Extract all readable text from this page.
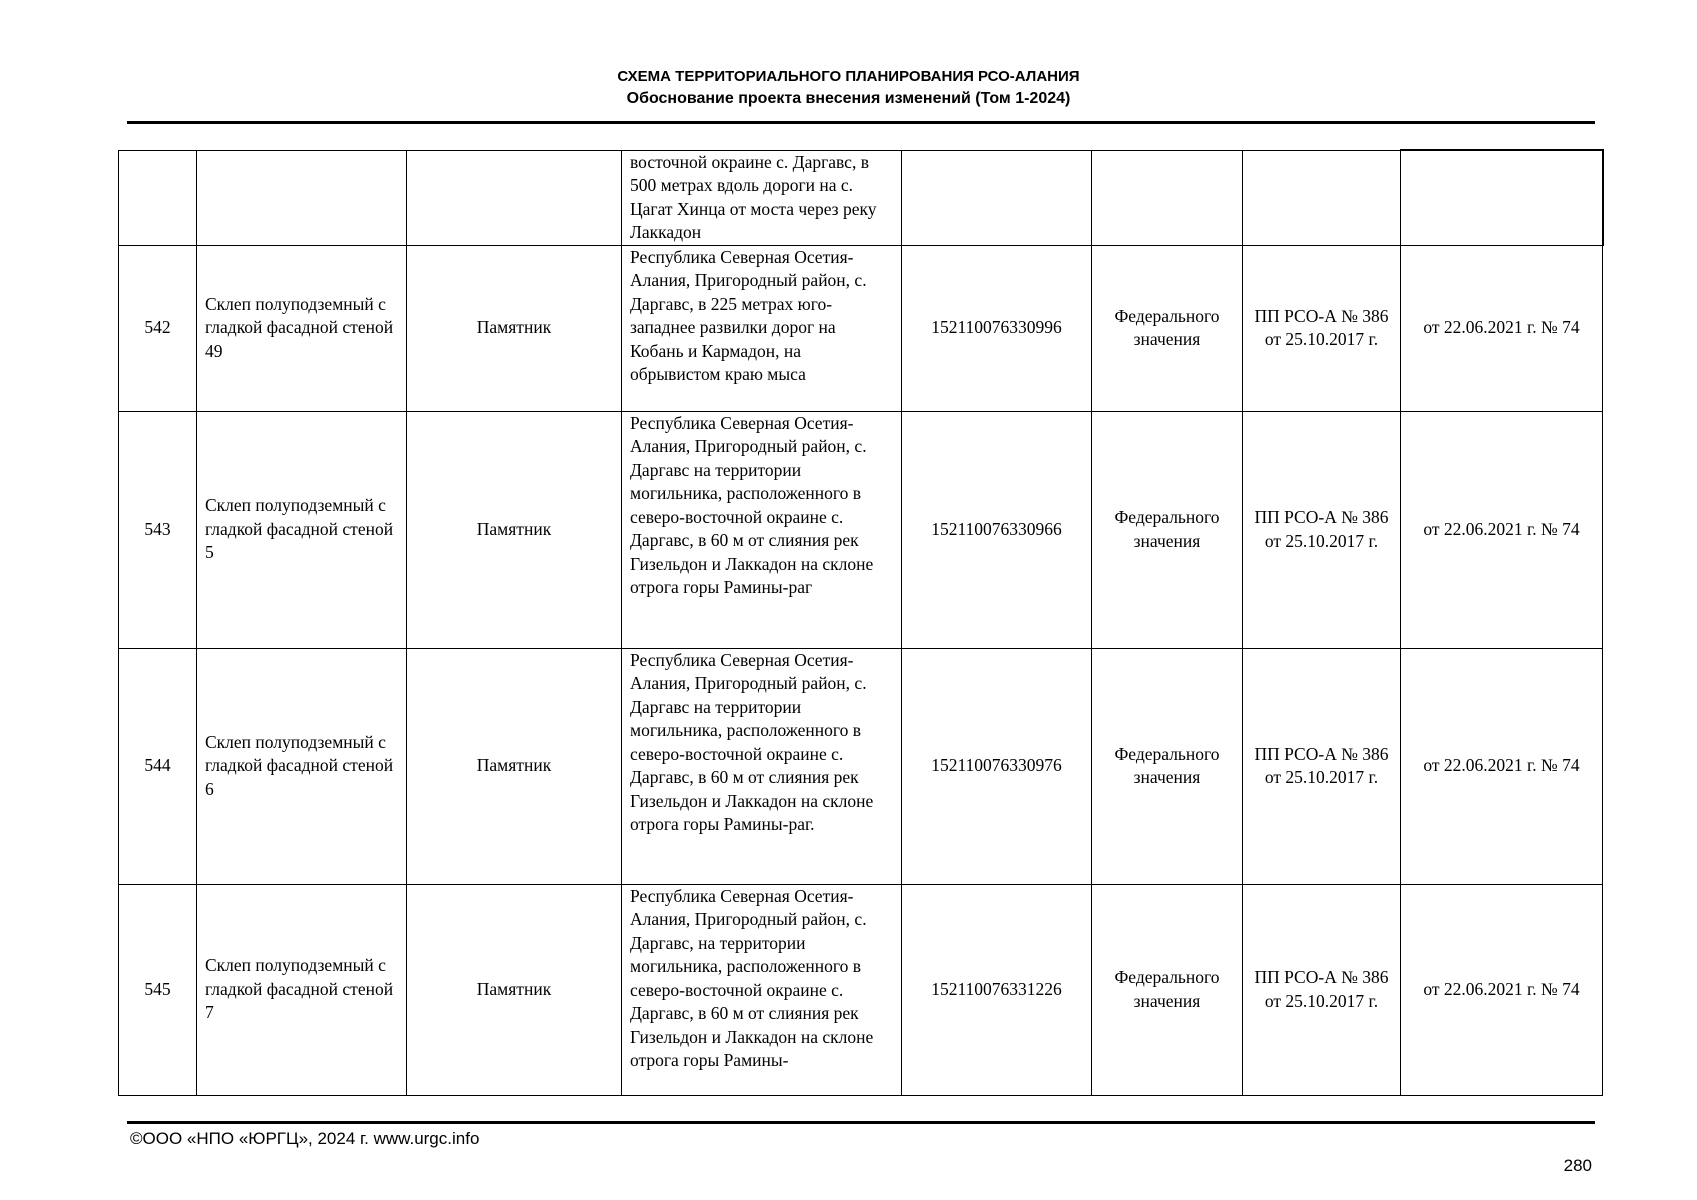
СХЕМА ТЕРРИТОРИАЛЬНОГО ПЛАНИРОВАНИЯ РСО-АЛАНИЯ
Обоснование проекта внесения изменений (Том 1-2024)
			восточной окраине с. Даргавс, в 500 метрах вдоль дороги на с. Цагат Хинца от моста через реку Лаккадон				
542	Склеп полуподземный с гладкой фасадной стеной 49	Памятник	Республика Северная Осетия-Алания, Пригородный район, с. Даргавс, в 225 метрах юго-западнее развилки дорог на Кобань и Кармадон, на обрывистом краю мыса	152110076330996	Федерального значения	ПП РСО-А № 386 от 25.10.2017 г.	от 22.06.2021 г. № 74
543	Склеп полуподземный с гладкой фасадной стеной 5	Памятник	Республика Северная Осетия-Алания, Пригородный район, с. Даргавс на территории могильника, расположенного в северо-восточной окраине с. Даргавс, в 60 м от слияния рек Гизельдон и Лаккадон на склоне отрога горы Рамины-раг	152110076330966	Федерального значения	ПП РСО-А № 386 от 25.10.2017 г.	от 22.06.2021 г. № 74
544	Склеп полуподземный с гладкой фасадной стеной 6	Памятник	Республика Северная Осетия-Алания, Пригородный район, с. Даргавс на территории могильника, расположенного в северо-восточной окраине с. Даргавс, в 60 м от слияния рек Гизельдон и Лаккадон на склоне отрога горы Рамины-раг.	152110076330976	Федерального значения	ПП РСО-А № 386 от 25.10.2017 г.	от 22.06.2021 г. № 74
545	Склеп полуподземный с гладкой фасадной стеной 7	Памятник	Республика Северная Осетия-Алания, Пригородный район, с. Даргавс, на территории могильника, расположенного в северо-восточной окраине с. Даргавс, в 60 м от слияния рек Гизельдон и Лаккадон на склоне отрога горы Рамины-	152110076331226	Федерального значения	ПП РСО-А № 386 от 25.10.2017 г.	от 22.06.2021 г. № 74
©ООО «НПО «ЮРГЦ», 2024 г. www.urgc.info
280
